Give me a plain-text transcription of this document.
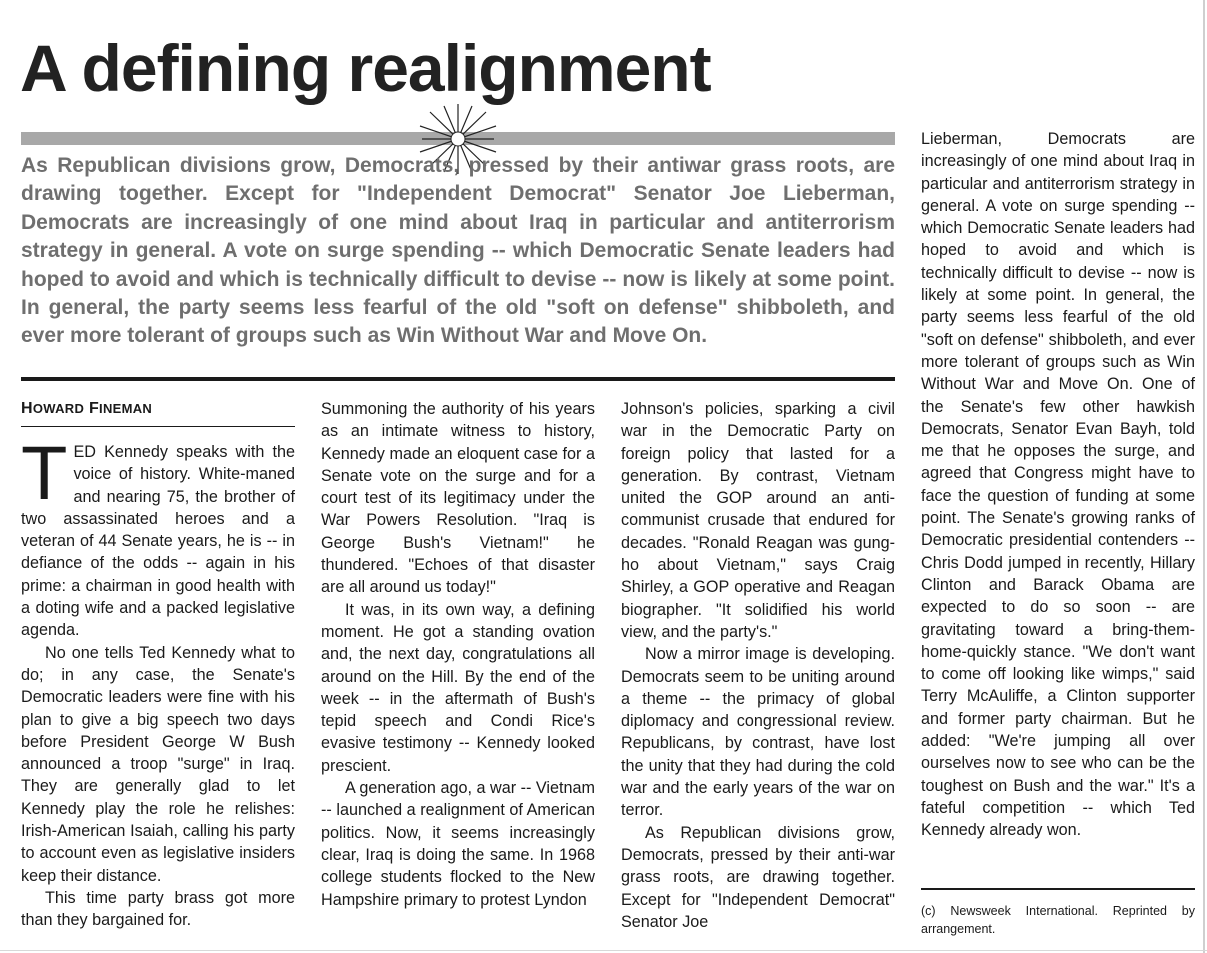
A defining realignment

As Republican divisions grow, Democrats, pressed by their antiwar grass roots, are drawing together. Except for "Independent Democrat" Senator Joe Lieberman, Democrats are increasingly of one mind about Iraq in particular and antiterrorism strategy in general. A vote on surge spending -- which Democratic Senate leaders had hoped to avoid and which is technically difficult to devise -- now is likely at some point. In general, the party seems less fearful of the old "soft on defense" shibboleth, and ever more tolerant of groups such as Win Without War and Move On.

HOWARD FINEMAN
T ED Kennedy speaks with the voice of history. White-maned and nearing 75, the brother of two assassinated heroes and a veteran of 44 Senate years, he is -- in defiance of the odds -- again in his prime: a chairman in good health with a doting wife and a packed legislative agenda.

No one tells Ted Kennedy what to do; in any case, the Senate's Democratic leaders were fine with his plan to give a big speech two days before President George W Bush announced a troop "surge" in Iraq. They are generally glad to let Kennedy play the role he relishes: Irish-American Isaiah, calling his party to account even as legislative insiders keep their distance.

This time party brass got more than they bargained for.

Summoning the authority of his years as an intimate witness to history, Kennedy made an eloquent case for a Senate vote on the surge and for a court test of its legitimacy under the War Powers Resolution. "Iraq is George Bush's Vietnam!" he thundered. "Echoes of that disaster are all around us today!"

It was, in its own way, a defining moment. He got a standing ovation and, the next day, congratulations all around on the Hill. By the end of the week -- in the aftermath of Bush's tepid speech and Condi Rice's evasive testimony -- Kennedy looked prescient.

A generation ago, a war -- Vietnam -- launched a realignment of American politics. Now, it seems increasingly clear, Iraq is doing the same. In 1968 college students flocked to the New Hampshire primary to protest Lyndon

Johnson's policies, sparking a civil war in the Democratic Party on foreign policy that lasted for a generation. By contrast, Vietnam united the GOP around an anti-communist crusade that endured for decades. "Ronald Reagan was gung-ho about Vietnam," says Craig Shirley, a GOP operative and Reagan biographer. "It solidified his world view, and the party's."

Now a mirror image is developing. Democrats seem to be uniting around a theme -- the primacy of global diplomacy and congressional review. Republicans, by contrast, have lost the unity that they had during the cold war and the early years of the war on terror.

As Republican divisions grow, Democrats, pressed by their anti-war grass roots, are drawing together. Except for "Independent Democrat" Senator Joe

Lieberman, Democrats are increasingly of one mind about Iraq in particular and antiterrorism strategy in general. A vote on surge spending -- which Democratic Senate leaders had hoped to avoid and which is technically difficult to devise -- now is likely at some point. In general, the party seems less fearful of the old "soft on defense" shibboleth, and ever more tolerant of groups such as Win Without War and Move On. One of the Senate's few other hawkish Democrats, Senator Evan Bayh, told me that he opposes the surge, and agreed that Congress might have to face the question of funding at some point. The Senate's growing ranks of Democratic presidential contenders -- Chris Dodd jumped in recently, Hillary Clinton and Barack Obama are expected to do so soon -- are gravitating toward a bring-them-home-quickly stance. "We don't want to come off looking like wimps," said Terry McAuliffe, a Clinton supporter and former party chairman. But he added: "We're jumping all over ourselves now to see who can be the toughest on Bush and the war." It's a fateful competition -- which Ted Kennedy already won.

(c) Newsweek International. Reprinted by arrangement.
